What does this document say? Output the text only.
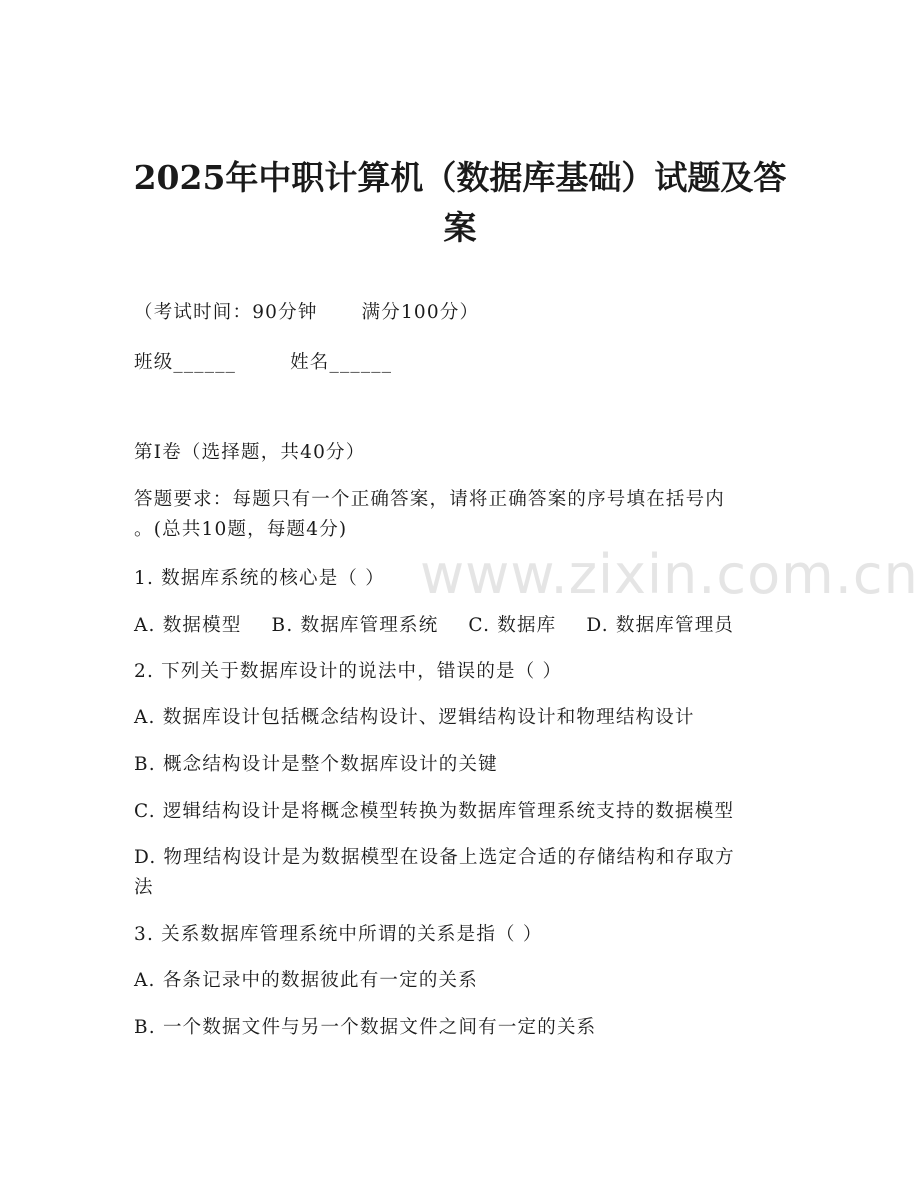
2025年中职计算机（数据库基础）试题及答
案
（考试时间：90分钟 满分100分）
班级______	姓名______
第I卷（选择题，共40分）
答题要求：每题只有一个正确答案，请将正确答案的序号填在括号内
。(总共10题，每题4分)
1. 数据库系统的核心是（ ）
A. 数据模型 B. 数据库管理系统 C. 数据库 D. 数据库管理员
2. 下列关于数据库设计的说法中，错误的是（ ）
A. 数据库设计包括概念结构设计、逻辑结构设计和物理结构设计
B. 概念结构设计是整个数据库设计的关键
C. 逻辑结构设计是将概念模型转换为数据库管理系统支持的数据模型
D. 物理结构设计是为数据模型在设备上选定合适的存储结构和存取方
法
3. 关系数据库管理系统中所谓的关系是指（ ）
A. 各条记录中的数据彼此有一定的关系
B. 一个数据文件与另一个数据文件之间有一定的关系
www.zixin.com.cn
